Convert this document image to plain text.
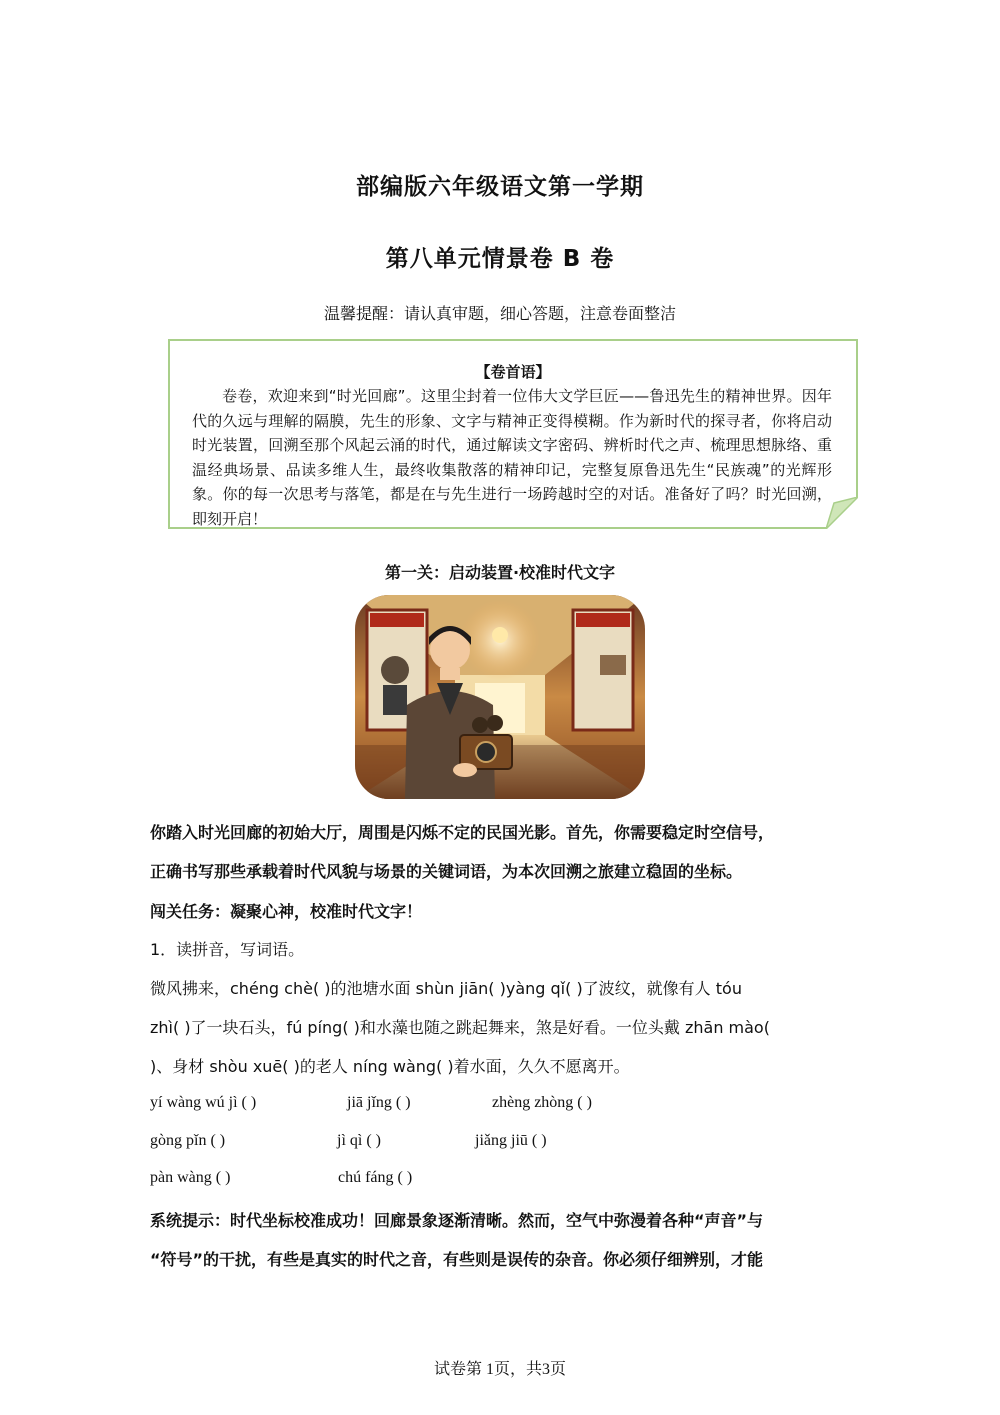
部编版六年级语文第一学期
第八单元情景卷 B 卷
温馨提醒：请认真审题，细心答题，注意卷面整洁
【卷首语】
卷卷，欢迎来到“时光回廊”。这里尘封着一位伟大文学巨匠——鲁迅先生的精神世界。因年代的久远与理解的隔膜，先生的形象、文字与精神正变得模糊。作为新时代的探寻者，你将启动时光装置，回溯至那个风起云涌的时代，通过解读文字密码、辨析时代之声、梳理思想脉络、重温经典场景、品读多维人生，最终收集散落的精神印记，完整复原鲁迅先生“民族魂”的光辉形象。你的每一次思考与落笔，都是在与先生进行一场跨越时空的对话。准备好了吗？时光回溯，即刻开启！
第一关：启动装置·校准时代文字
你踏入时光回廊的初始大厅，周围是闪烁不定的民国光影。首先，你需要稳定时空信号，
正确书写那些承载着时代风貌与场景的关键词语，为本次回溯之旅建立稳固的坐标。
闯关任务：凝聚心神，校准时代文字！
1．读拼音，写词语。
微风拂来，chéng chè( )的池塘水面 shùn jiān( )yàng qǐ( )了波纹，就像有人 tóu
zhì( )了一块石头，fú píng( )和水藻也随之跳起舞来，煞是好看。一位头戴 zhān mào(
)、身材 shòu xuē( )的老人 níng wàng( )着水面，久久不愿离开。
yí wàng wú jì ( )	jiā jǐng ( )	zhèng zhòng ( )
gòng pǐn ( )	jì qì ( )	jiǎng jiū ( )
pàn wàng ( )	chú fáng ( )
系统提示：时代坐标校准成功！回廊景象逐渐清晰。然而，空气中弥漫着各种“声音”与
“符号”的干扰，有些是真实的时代之音，有些则是误传的杂音。你必须仔细辨别，才能
试卷第 1页，共3页
